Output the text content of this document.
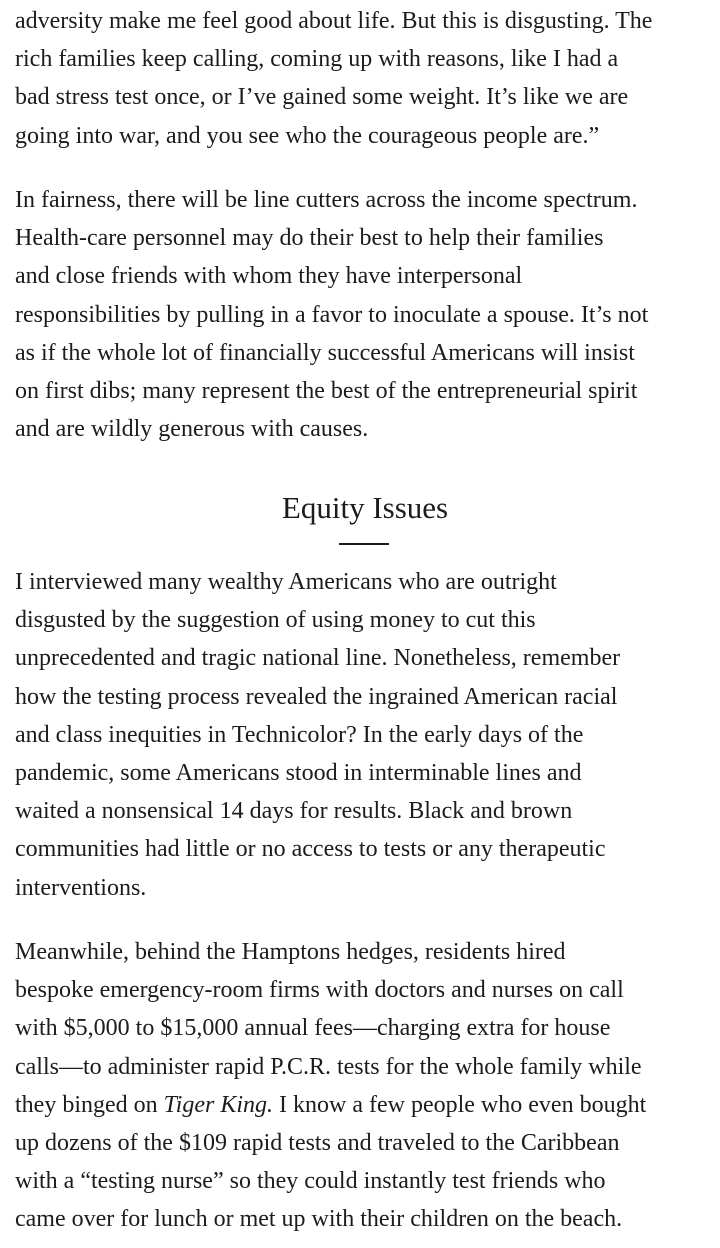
adversity make me feel good about life. But this is disgusting. The
rich families keep calling, coming up with reasons, like I had a
bad stress test once, or I’ve gained some weight. It’s like we are
going into war, and you see who the courageous people are.”

In fairness, there will be line cutters across the income spectrum.
Health-care personnel may do their best to help their families
and close friends with whom they have interpersonal
responsibilities by pulling in a favor to inoculate a spouse. It’s not
as if the whole lot of financially successful Americans will insist
on first dibs; many represent the best of the entrepreneurial spirit
and are wildly generous with causes.

Equity Issues

I interviewed many wealthy Americans who are outright
disgusted by the suggestion of using money to cut this
unprecedented and tragic national line. Nonetheless, remember
how the testing process revealed the ingrained American racial
and class inequities in Technicolor? In the early days of the
pandemic, some Americans stood in interminable lines and
waited a nonsensical 14 days for results. Black and brown
communities had little or no access to tests or any therapeutic
interventions.

Meanwhile, behind the Hamptons hedges, residents hired
bespoke emergency-room firms with doctors and nurses on call
with $5,000 to $15,000 annual fees—charging extra for house
calls—to administer rapid P.C.R. tests for the whole family while
they binged on Tiger King. I know a few people who even bought
up dozens of the $109 rapid tests and traveled to the Caribbean
with a “testing nurse” so they could instantly test friends who
came over for lunch or met up with their children on the beach.
